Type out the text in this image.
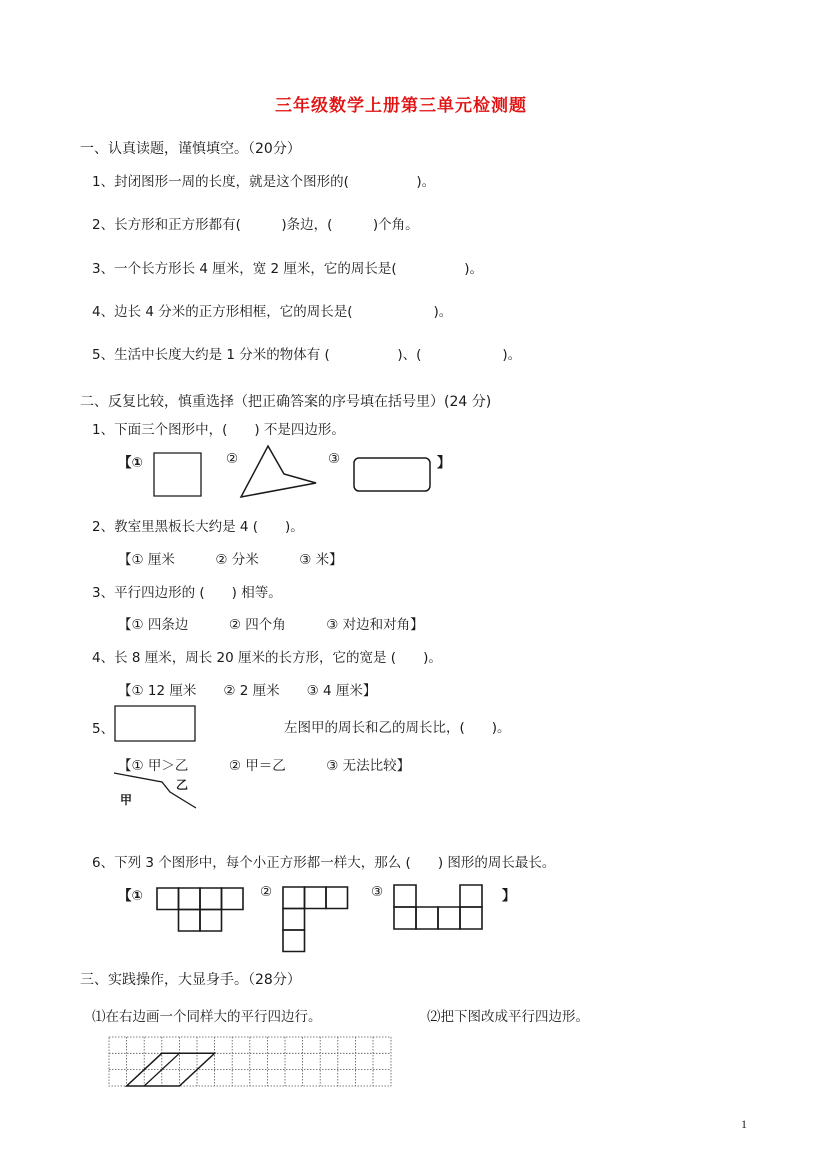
三年级数学上册第三单元检测题
一、认真读题，谨慎填空。（20分）
1、封闭图形一周的长度，就是这个图形的(　　　　　)。
2、长方形和正方形都有(　　　)条边，(　　　)个角。
3、一个长方形长 4 厘米，宽 2 厘米，它的周长是(　　　　　)。
4、边长 4 分米的正方形相框，它的周长是(　　　　　　)。
5、生活中长度大约是 1 分米的物体有 (　　　　　)、(　　　　　　)。
二、反复比较，慎重选择（把正确答案的序号填在括号里）(24 分)
1、下面三个图形中，(　　) 不是四边形。
【①	②	③	】
2、教室里黑板长大约是 4 (　　)。
【① 厘米　　　② 分米　　　③ 米】
3、平行四边形的 (　　) 相等。
【① 四条边　　　② 四个角　　　③ 对边和对角】
4、长 8 厘米，周长 20 厘米的长方形，它的宽是 (　　)。
【① 12 厘米　　② 2 厘米　　③ 4 厘米】
5、	左图甲的周长和乙的周长比，(　　)。
【① 甲＞乙　　　② 甲＝乙　　　③ 无法比较】
乙
甲
6、下列 3 个图形中，每个小正方形都一样大，那么 (　　) 图形的周长最长。
【①	②	③	】
三、实践操作，大显身手。（28分）
⑴在右边画一个同样大的平行四边行。	⑵把下图改成平行四边形。
1
